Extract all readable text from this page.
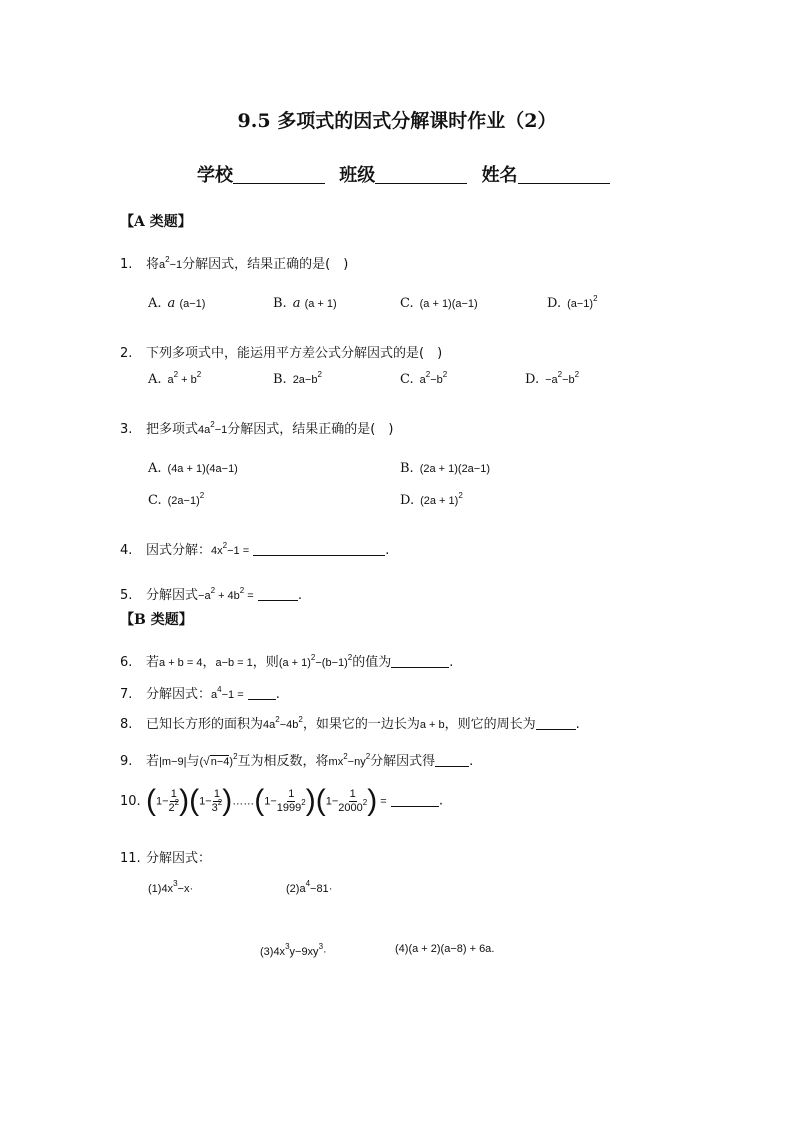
9.5 多项式的因式分解课时作业（2）
学校	班级	姓名
【A 类题】
1. 将$a^2-1$分解因式，结果正确的是(　)
A. a (a−1)	B. a (a + 1)	C. (a + 1)(a−1)	D. $(a-1)^2$
2. 下列多项式中，能运用平方差公式分解因式的是(　)
A. $a^2 + b^2$	B. $2a-b^2$	C. $a^2-b^2$	D. $-a^2-b^2$
3. 把多项式$4a^2-1$分解因式，结果正确的是(　)
A. (4a + 1)(4a−1)	B. (2a + 1)(2a−1)
C. $(2a-1)^2$	D. $(2a + 1)^2$
4. 因式分解：$4x^2-1$ =	.
5. 分解因式$-a^2 + 4b^2$ =	.
【B 类题】
6. 若a + b = 4，a−b = 1，则$(a + 1)^2-(b-1)^2$的值为	.
7. 分解因式：$a^4-1$ = .
8. 已知长方形的面积为$4a^2-4b^2$，如果它的一边长为a + b，则它的周长为	.
9. 若|m−9|与$(√n-4)^2$互为相反数，将$mx^2-ny^2$分解因式得	.
10. $(1- \frac{1}{2^2} )(1- \frac{1}{3^2}$ )……(1− $\frac{1}{1999^2} )(1- \frac{1}{2000^2}$ ) =	.
11. 分解因式：
$(1)4x^3-x\cdot$	$(2)a^4-81\cdot$
$(3)4x^3y-9xy^3\cdot$	(4)(a + 2)(a−8) + 6a.
